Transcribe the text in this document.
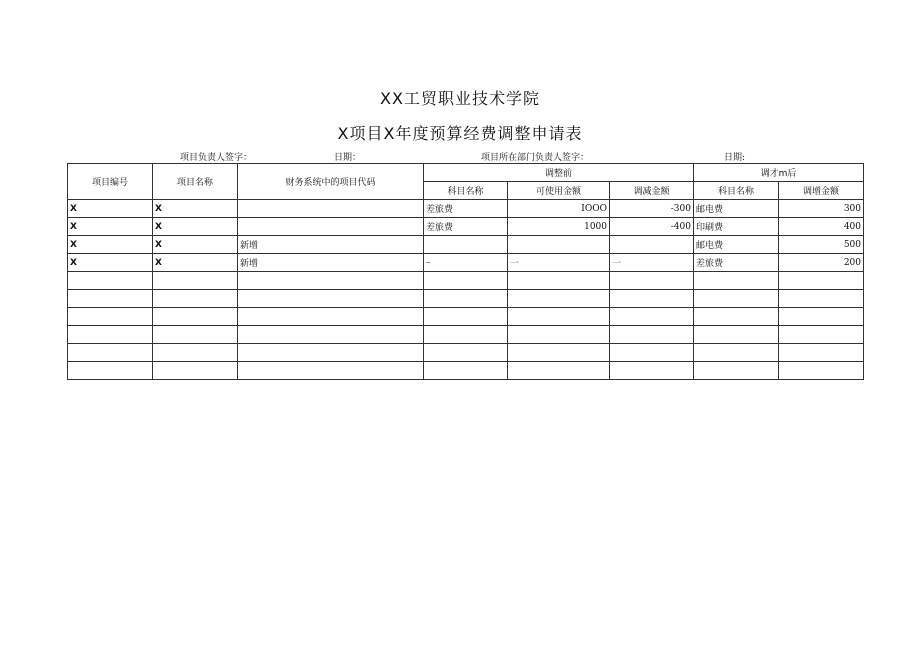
XX工贸职业技术学院
X项目X年度预算经费调整申请表
项目负责人签字：	日期：	项目所在部门负责人签字：	日期:
项目编号	项目名称	财务系统中的项目代码	调整前			调才m后	
			科目名称	可使用金额	调减金额	科目名称	调增金额
X	X		差旅费	IOOO	-300	邮电费	300
X	X		差旅费	1000	-400	印刷费	400
X	X	新增				邮电费	500
X	X	新增	–	一	一	差旅费	200
